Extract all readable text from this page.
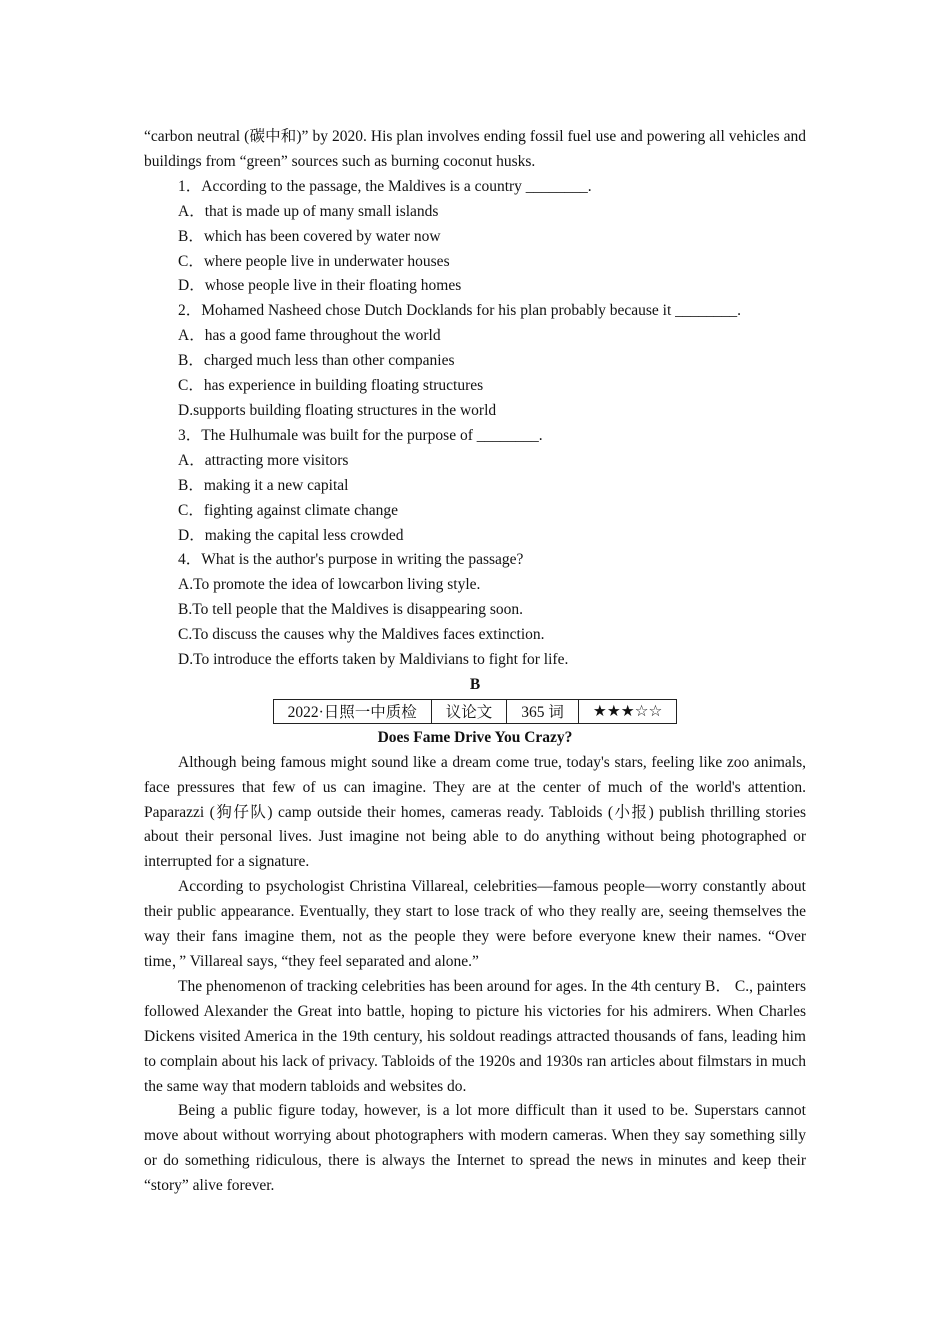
“carbon neutral (碳中和)” by 2020. His plan involves ending fossil fuel use and powering all vehicles and buildings from “green” sources such as burning coconut husks.

1．According to the passage, the Maldives is a country ________.

A．that is made up of many small islands

B．which has been covered by water now

C．where people live in underwater houses

D．whose people live in their floating homes

2．Mohamed Nasheed chose Dutch Docklands for his plan probably because it ________.

A．has a good fame throughout the world

B．charged much less than other companies

C．has experience in building floating structures

D.supports building floating structures in the world

3．The Hulhumale was built for the purpose of ________.

A．attracting more visitors

B．making it a new capital

C．fighting against climate change

D．making the capital less crowded

4．What is the author's purpose in writing the passage?

A.To promote the idea of lowcarbon living style.

B.To tell people that the Maldives is disappearing soon.

C.To discuss the causes why the Maldives faces extinction.

D.To introduce the efforts taken by Maldivians to fight for life.

B

2022·日照一中质检	议论文	365 词	★★★☆☆

Does Fame Drive You Crazy?

Although being famous might sound like a dream come true, today's stars, feeling like zoo animals, face pressures that few of us can imagine. They are at the center of much of the world's attention. Paparazzi (狗仔队) camp outside their homes, cameras ready. Tabloids (小报) publish thrilling stories about their personal lives. Just imagine not being able to do anything without being photographed or interrupted for a signature.

According to psychologist Christina Villareal, celebrities—famous people—worry constantly about their public appearance. Eventually, they start to lose track of who they really are, seeing themselves the way their fans imagine them, not as the people they were before everyone knew their names. “Over time，” Villareal says, “they feel separated and alone.”

The phenomenon of tracking celebrities has been around for ages. In the 4th century B． C., painters followed Alexander the Great into battle, hoping to picture his victories for his admirers. When Charles Dickens visited America in the 19th century, his soldout readings attracted thousands of fans, leading him to complain about his lack of privacy. Tabloids of the 1920s and 1930s ran articles about filmstars in much the same way that modern tabloids and websites do.

Being a public figure today, however, is a lot more difficult than it used to be. Superstars cannot move about without worrying about photographers with modern cameras. When they say something silly or do something ridiculous, there is always the Internet to spread the news in minutes and keep their “story” alive forever.
